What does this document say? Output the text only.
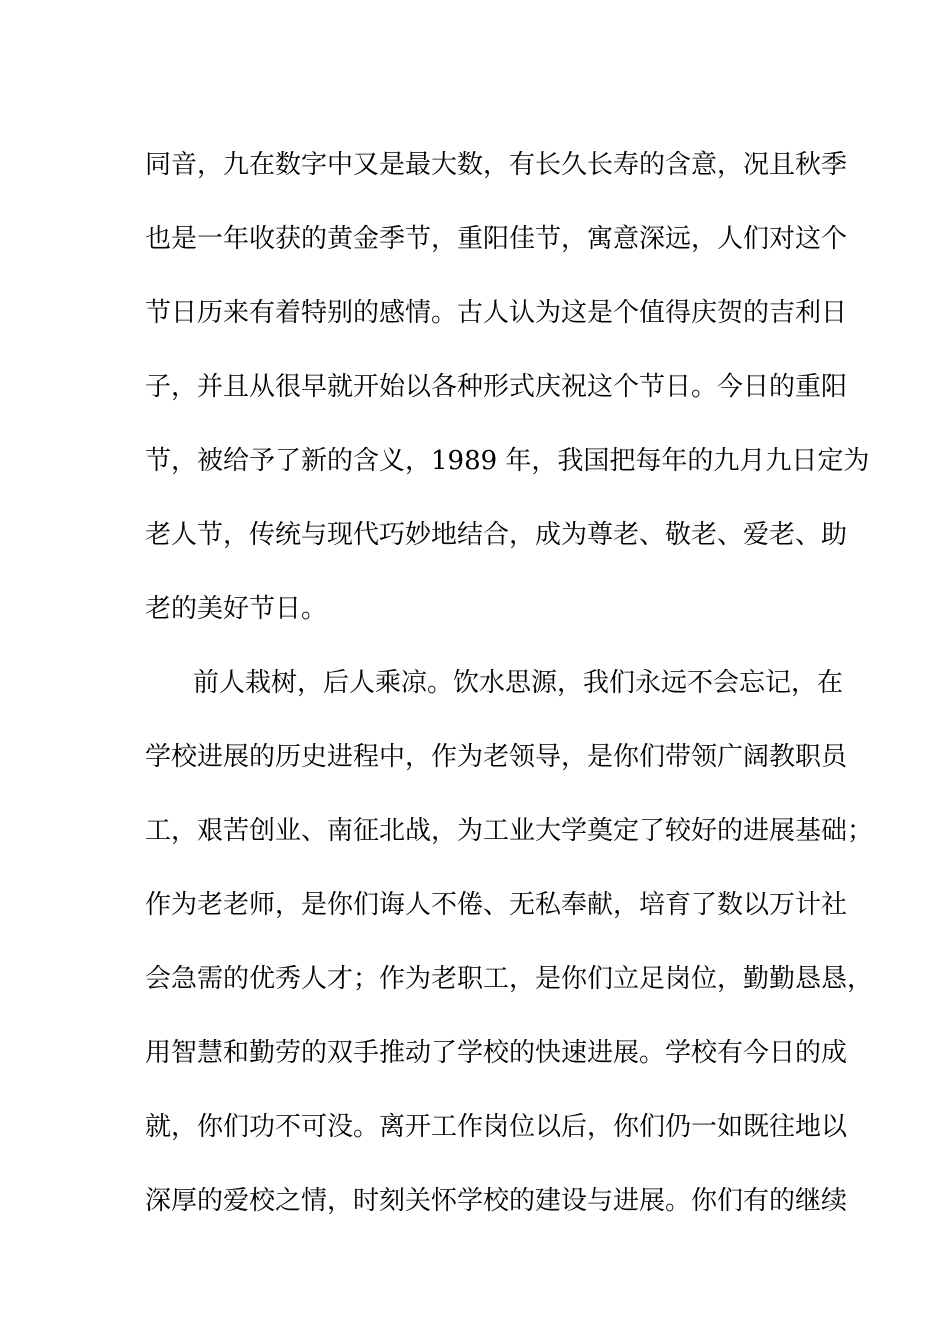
同音，九在数字中又是最大数，有长久长寿的含意，况且秋季
也是一年收获的黄金季节，重阳佳节，寓意深远，人们对这个
节日历来有着特别的感情。古人认为这是个值得庆贺的吉利日
子，并且从很早就开始以各种形式庆祝这个节日。今日的重阳
节，被给予了新的含义，1989 年，我国把每年的九月九日定为
老人节，传统与现代巧妙地结合，成为尊老、敬老、爱老、助
老的美好节日。
前人栽树，后人乘凉。饮水思源，我们永远不会忘记，在
学校进展的历史进程中，作为老领导，是你们带领广阔教职员
工，艰苦创业、南征北战，为工业大学奠定了较好的进展基础；
作为老老师，是你们诲人不倦、无私奉献，培育了数以万计社
会急需的优秀人才；作为老职工，是你们立足岗位，勤勤恳恳，
用智慧和勤劳的双手推动了学校的快速进展。学校有今日的成
就，你们功不可没。离开工作岗位以后，你们仍一如既往地以
深厚的爱校之情，时刻关怀学校的建设与进展。你们有的继续
